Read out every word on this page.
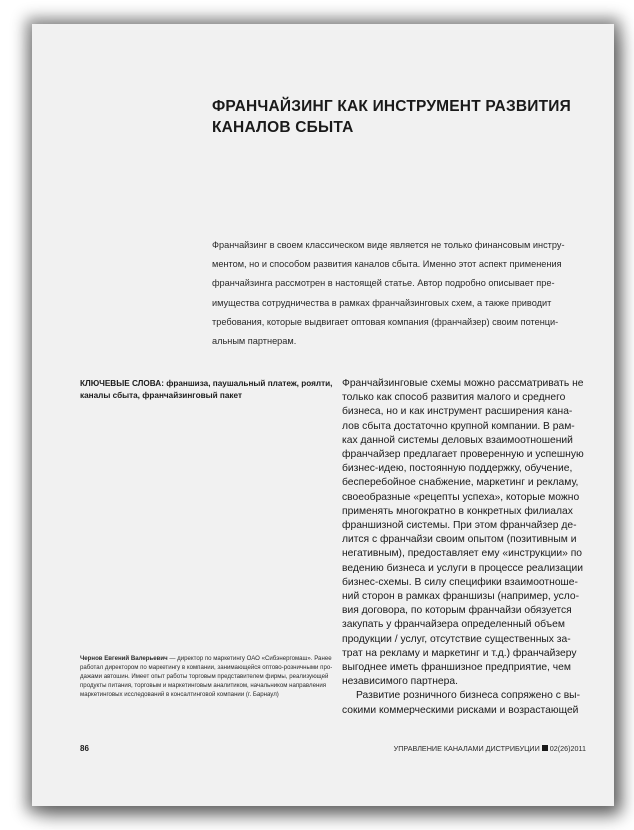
ФРАНЧАЙЗИНГ КАК ИНСТРУМЕНТ РАЗВИТИЯ
КАНАЛОВ СБЫТА
Франчайзинг в своем классическом виде является не только финансовым инстру-
ментом, но и способом развития каналов сбыта. Именно этот аспект применения
франчайзинга рассмотрен в настоящей статье. Автор подробно описывает пре-
имущества сотрудничества в рамках франчайзинговых схем, а также приводит
требования, которые выдвигает оптовая компания (франчайзер) своим потенци-
альным партнерам.
КЛЮЧЕВЫЕ СЛОВА: франшиза, паушальный платеж, роялти,
каналы сбыта, франчайзинговый пакет
Франчайзинговые схемы можно рассматривать не
только как способ развития малого и среднего
бизнеса, но и как инструмент расширения кана-
лов сбыта достаточно крупной компании. В рам-
ках данной системы деловых взаимоотношений
франчайзер предлагает проверенную и успешную
бизнес-идею, постоянную поддержку, обучение,
бесперебойное снабжение, маркетинг и рекламу,
своеобразные «рецепты успеха», которые можно
применять многократно в конкретных филиалах
франшизной системы. При этом франчайзер де-
лится с франчайзи своим опытом (позитивным и
негативным), предоставляет ему «инструкции» по
ведению бизнеса и услуги в процессе реализации
бизнес-схемы. В силу специфики взаимоотноше-
ний сторон в рамках франшизы (например, усло-
вия договора, по которым франчайзи обязуется
закупать у франчайзера определенный объем
продукции / услуг, отсутствие существенных за-
трат на рекламу и маркетинг и т.д.) франчайзеру
выгоднее иметь франшизное предприятие, чем
независимого партнера.
Развитие розничного бизнеса сопряжено с вы-
сокими коммерческими рисками и возрастающей
Чернов Евгений Валерьевич — директор по маркетингу ОАО «Сибэнергомаш». Ранее
работал директором по маркетингу в компании, занимающейся оптово-розничными про-
дажами автошин. Имеет опыт работы торговым представителем фирмы, реализующей
продукты питания, торговым и маркетинговым аналитиком, начальником направления
маркетинговых исследований в консалтинговой компании (г. Барнаул)
86	УПРАВЛЕНИЕ КАНАЛАМИ ДИСТРИБУЦИИ 02(26)2011
